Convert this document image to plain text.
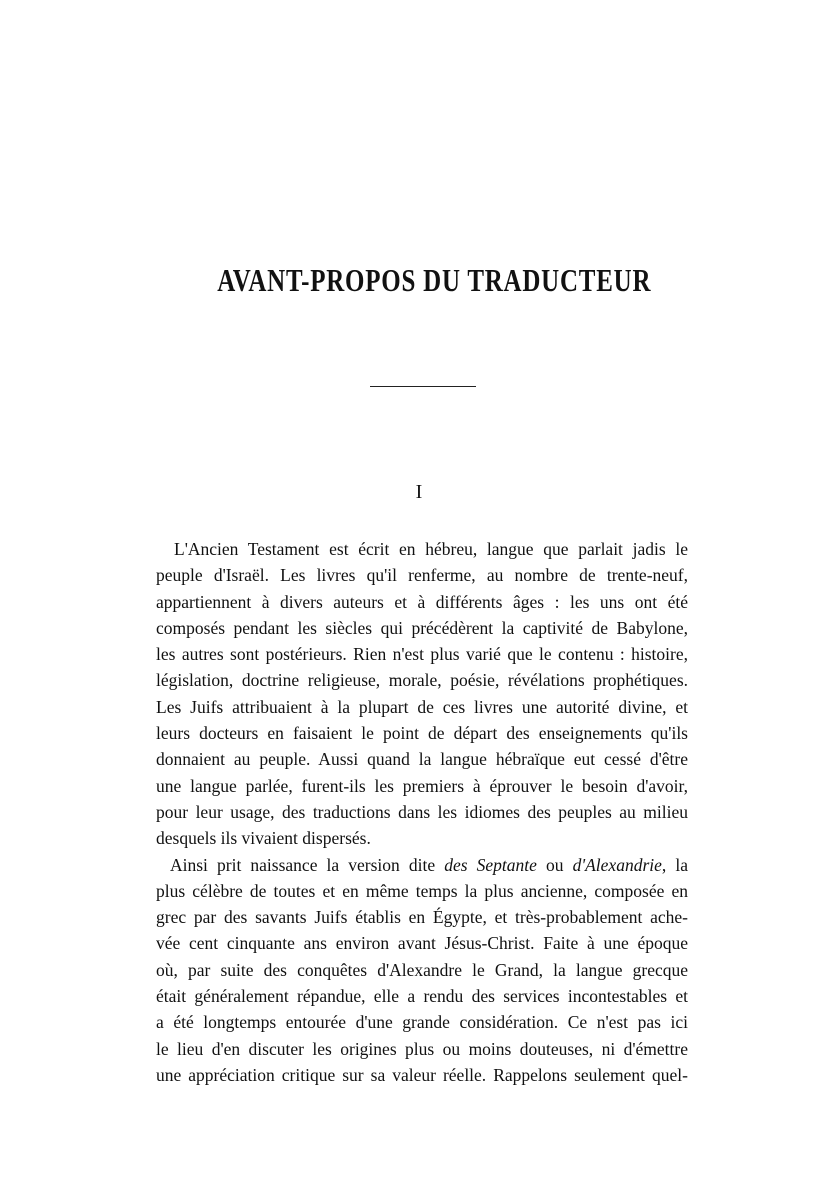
AVANT-PROPOS DU TRADUCTEUR

I

L'Ancien Testament est écrit en hébreu, langue que parlait jadis le
peuple d'Israël. Les livres qu'il renferme, au nombre de trente-neuf,
appartiennent à divers auteurs et à différents âges : les uns ont été
composés pendant les siècles qui précédèrent la captivité de Babylone,
les autres sont postérieurs. Rien n'est plus varié que le contenu : histoire,
législation, doctrine religieuse, morale, poésie, révélations prophétiques.
Les Juifs attribuaient à la plupart de ces livres une autorité divine, et
leurs docteurs en faisaient le point de départ des enseignements qu'ils
donnaient au peuple. Aussi quand la langue hébraïque eut cessé d'être
une langue parlée, furent-ils les premiers à éprouver le besoin d'avoir,
pour leur usage, des traductions dans les idiomes des peuples au milieu
desquels ils vivaient dispersés.
Ainsi prit naissance la version dite des Septante ou d'Alexandrie, la
plus célèbre de toutes et en même temps la plus ancienne, composée en
grec par des savants Juifs établis en Égypte, et très-probablement ache-
vée cent cinquante ans environ avant Jésus-Christ. Faite à une époque
où, par suite des conquêtes d'Alexandre le Grand, la langue grecque
était généralement répandue, elle a rendu des services incontestables et
a été longtemps entourée d'une grande considération. Ce n'est pas ici
le lieu d'en discuter les origines plus ou moins douteuses, ni d'émettre
une appréciation critique sur sa valeur réelle. Rappelons seulement quel-
